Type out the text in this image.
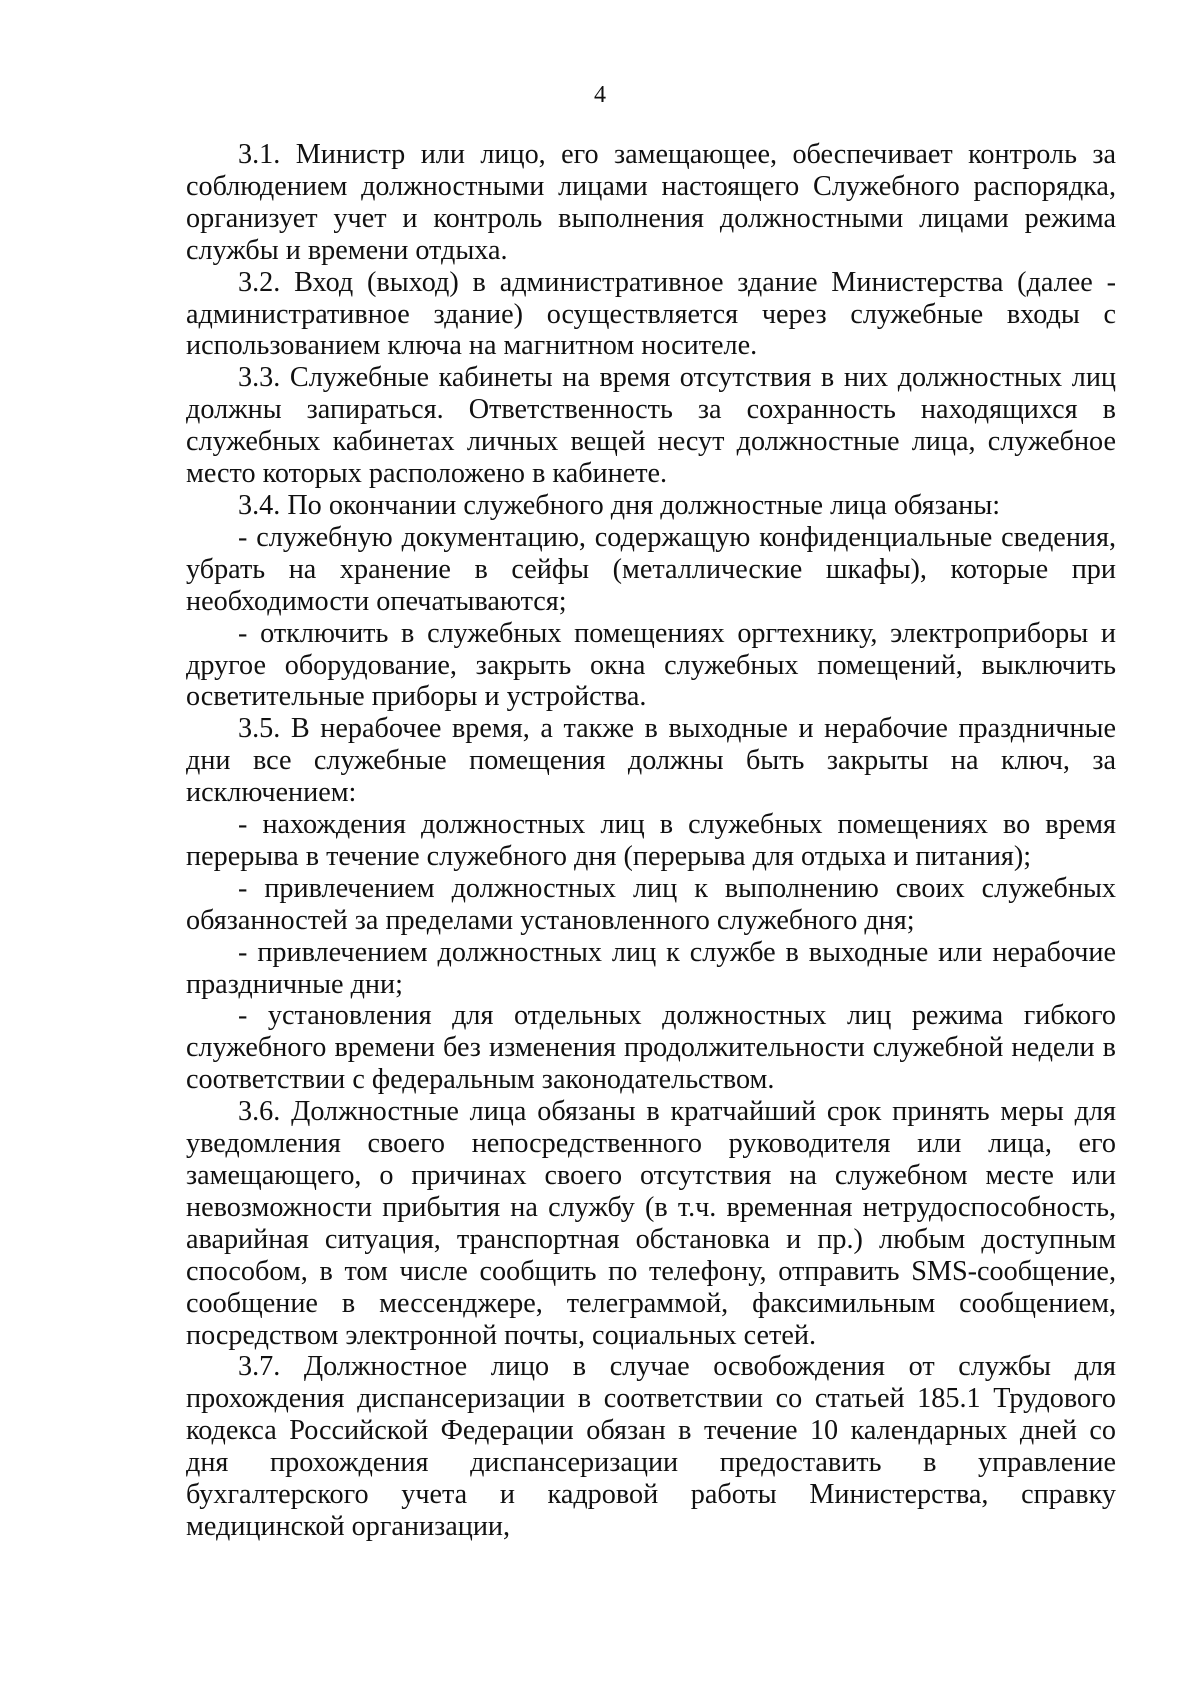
4

3.1. Министр или лицо, его замещающее, обеспечивает контроль за соблюдением должностными лицами настоящего Служебного распорядка, организует учет и контроль выполнения должностными лицами режима службы и времени отдыха.

3.2. Вход (выход) в административное здание Министерства (далее - административное здание) осуществляется через служебные входы с использованием ключа на магнитном носителе.

3.3. Служебные кабинеты на время отсутствия в них должностных лиц должны запираться. Ответственность за сохранность находящихся в служебных кабинетах личных вещей несут должностные лица, служебное место которых расположено в кабинете.

3.4. По окончании служебного дня должностные лица обязаны:

- служебную документацию, содержащую конфиденциальные сведения, убрать на хранение в сейфы (металлические шкафы), которые при необходимости опечатываются;

- отключить в служебных помещениях оргтехнику, электроприборы и другое оборудование, закрыть окна служебных помещений, выключить осветительные приборы и устройства.

3.5. В нерабочее время, а также в выходные и нерабочие праздничные дни все служебные помещения должны быть закрыты на ключ, за исключением:

- нахождения должностных лиц в служебных помещениях во время перерыва в течение служебного дня (перерыва для отдыха и питания);

- привлечением должностных лиц к выполнению своих служебных обязанностей за пределами установленного служебного дня;

- привлечением должностных лиц к службе в выходные или нерабочие праздничные дни;

- установления для отдельных должностных лиц режима гибкого служебного времени без изменения продолжительности служебной недели в соответствии с федеральным законодательством.

3.6. Должностные лица обязаны в кратчайший срок принять меры для уведомления своего непосредственного руководителя или лица, его замещающего, о причинах своего отсутствия на служебном месте или невозможности прибытия на службу (в т.ч. временная нетрудоспособность, аварийная ситуация, транспортная обстановка и пр.) любым доступным способом, в том числе сообщить по телефону, отправить SMS-сообщение, сообщение в мессенджере, телеграммой, факсимильным сообщением, посредством электронной почты, социальных сетей.

3.7. Должностное лицо в случае освобождения от службы для прохождения диспансеризации в соответствии со статьей 185.1 Трудового кодекса Российской Федерации обязан в течение 10 календарных дней со дня прохождения диспансеризации предоставить в управление бухгалтерского учета и кадровой работы Министерства, справку медицинской организации,
